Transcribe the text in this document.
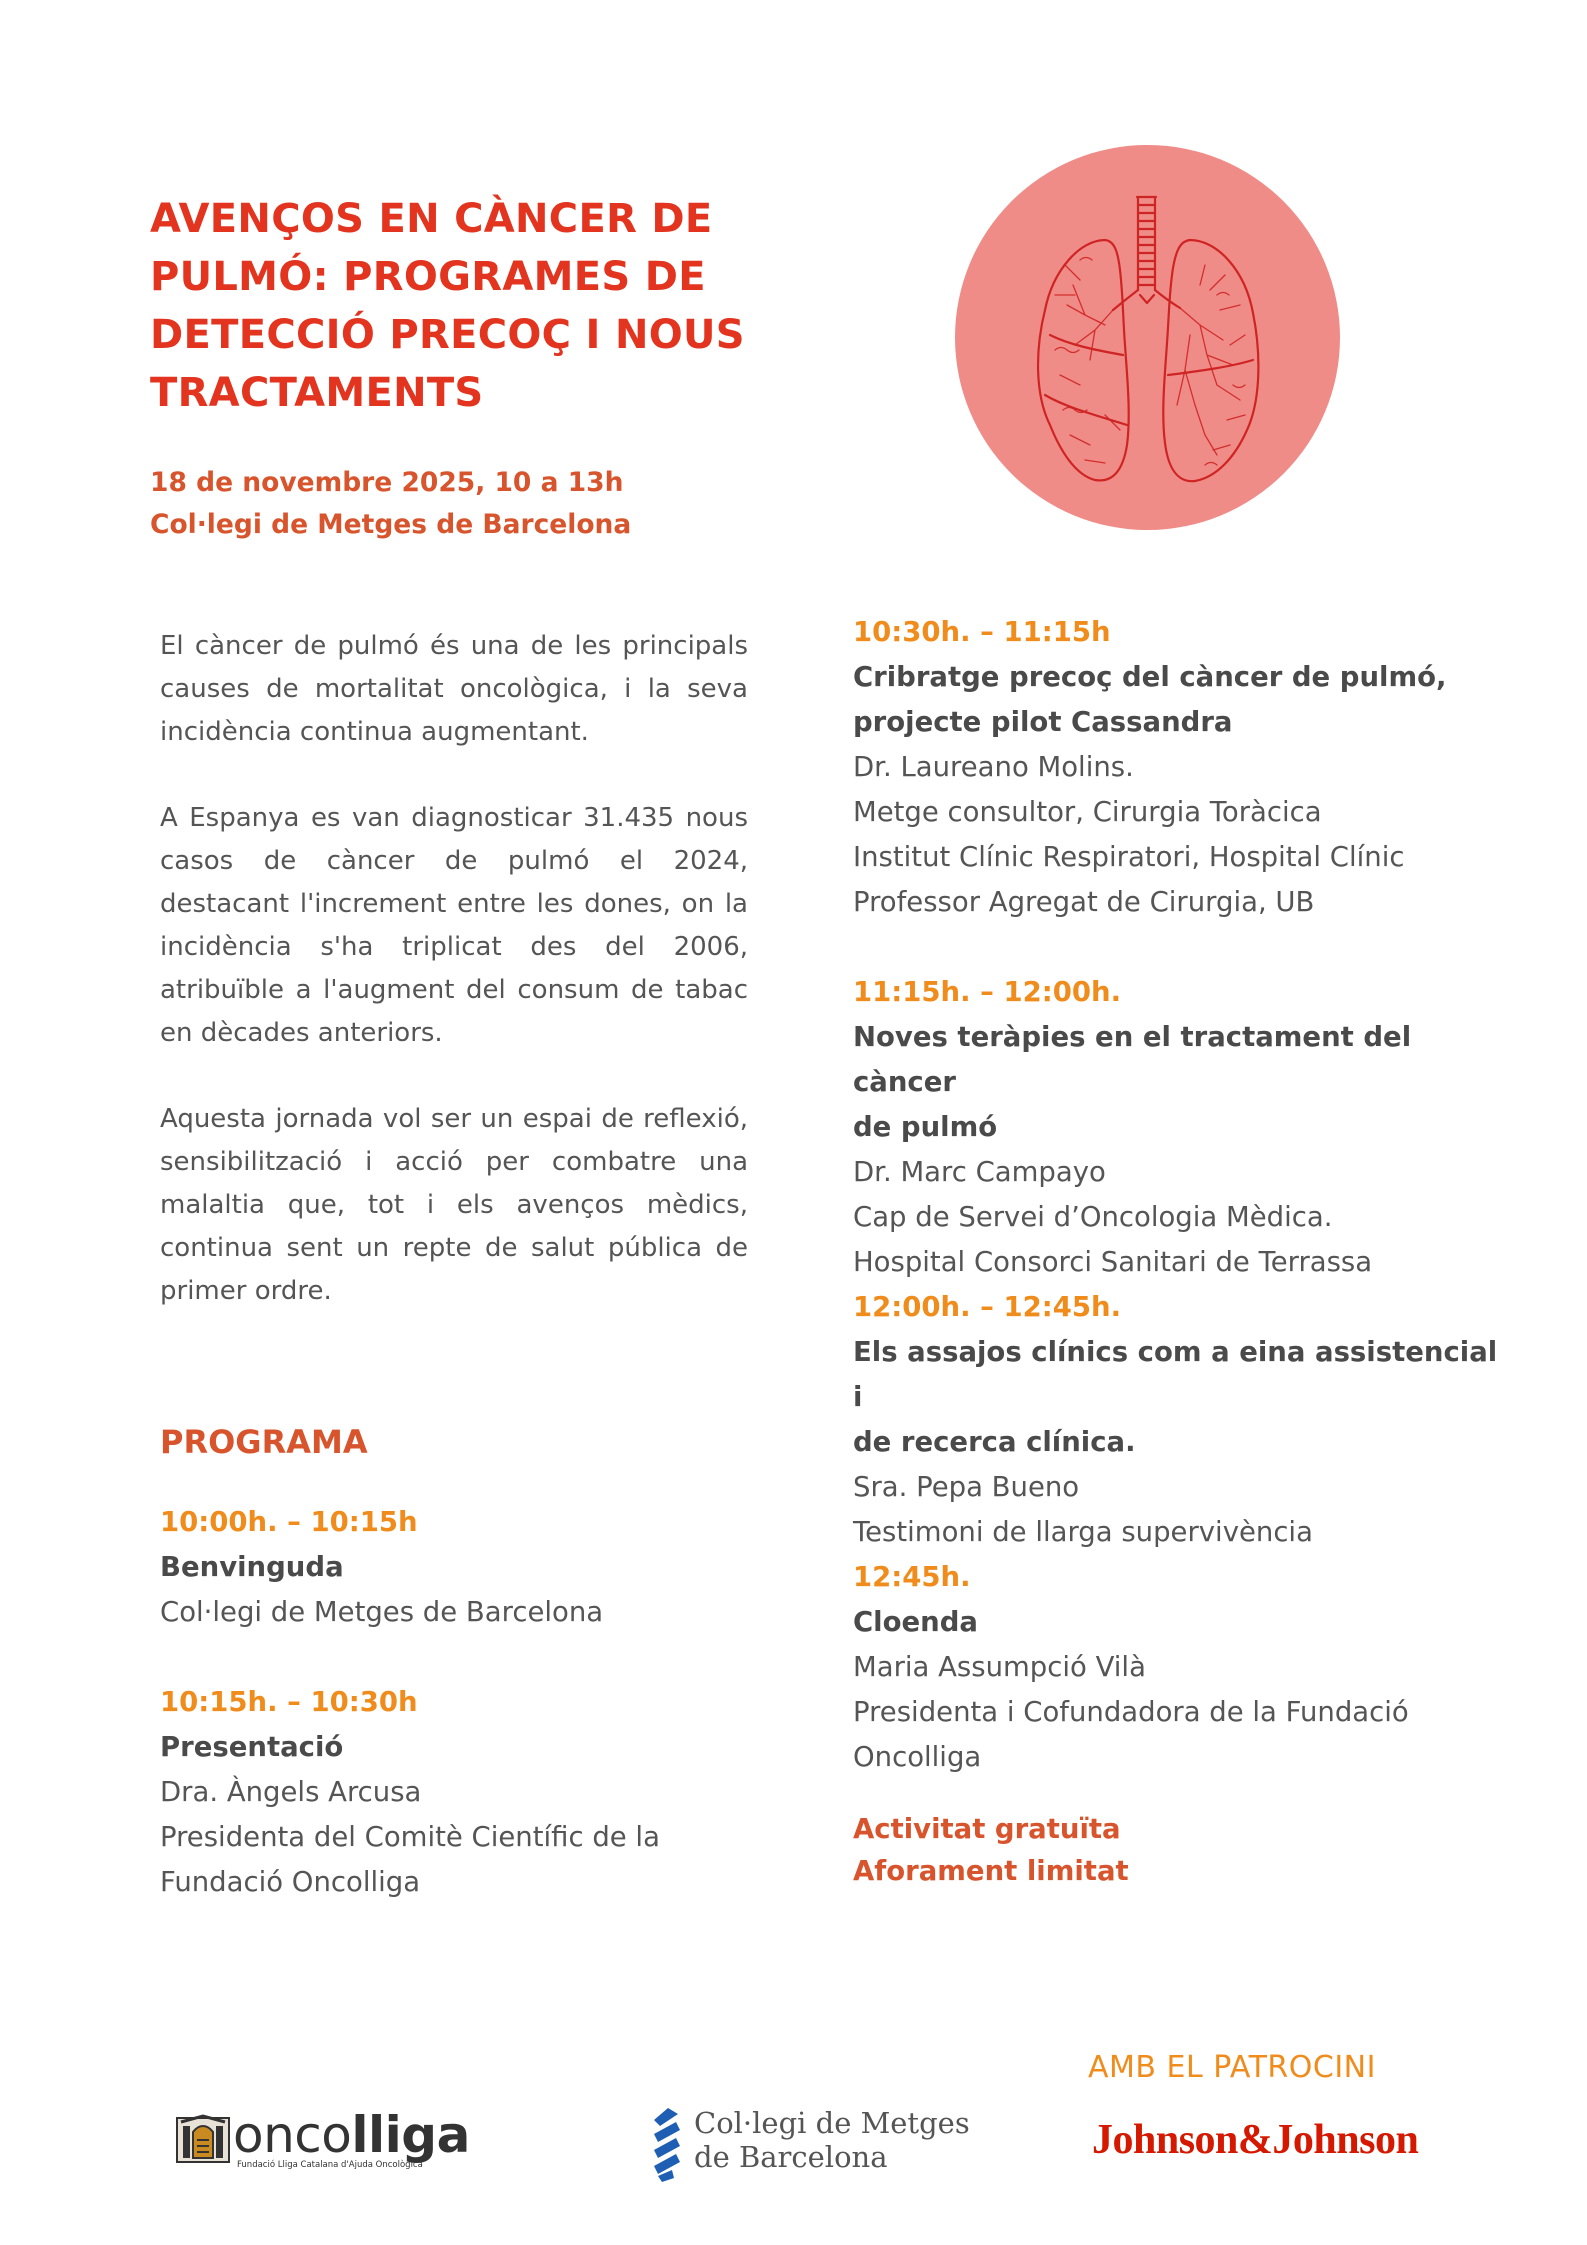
AVENÇOS EN CÀNCER DE
PULMÓ: PROGRAMES DE
DETECCIÓ PRECOÇ I NOUS
TRACTAMENTS
18 de novembre 2025, 10 a 13h
Col·legi de Metges de Barcelona

El càncer de pulmó és una de les principals causes de mortalitat oncològica, i la seva incidència continua augmentant.

A Espanya es van diagnosticar 31.435 nous casos de càncer de pulmó el 2024, destacant l'increment entre les dones, on la incidència s'ha triplicat des del 2006, atribuïble a l'augment del consum de tabac en dècades anteriors.

Aquesta jornada vol ser un espai de reflexió, sensibilització i acció per combatre una malaltia que, tot i els avenços mèdics, continua sent un repte de salut pública de primer ordre.

PROGRAMA
10:00h. – 10:15h
Benvinguda
Col·legi de Metges de Barcelona
10:15h. – 10:30h
Presentació
Dra. Àngels Arcusa
Presidenta del Comitè Científic de la
Fundació Oncolliga
10:30h. – 11:15h
Cribratge precoç del càncer de pulmó,
projecte pilot Cassandra
Dr. Laureano Molins.
Metge consultor, Cirurgia Toràcica
Institut Clínic Respiratori, Hospital Clínic
Professor Agregat de Cirurgia, UB
11:15h. – 12:00h.
Noves teràpies en el tractament del càncer
de pulmó
Dr. Marc Campayo
Cap de Servei d’Oncologia Mèdica.
Hospital Consorci Sanitari de Terrassa
12:00h. – 12:45h.
Els assajos clínics com a eina assistencial i
de recerca clínica.
Sra. Pepa Bueno
Testimoni de llarga supervivència
12:45h.
Cloenda
Maria Assumpció Vilà
Presidenta i Cofundadora de la Fundació
Oncolliga
Activitat gratuïta
Aforament limitat
AMB EL PATROCINI
oncolliga
Fundació Lliga Catalana d'Ajuda Oncològica
Col·legi de Metges
de Barcelona	Johnson&Johnson
